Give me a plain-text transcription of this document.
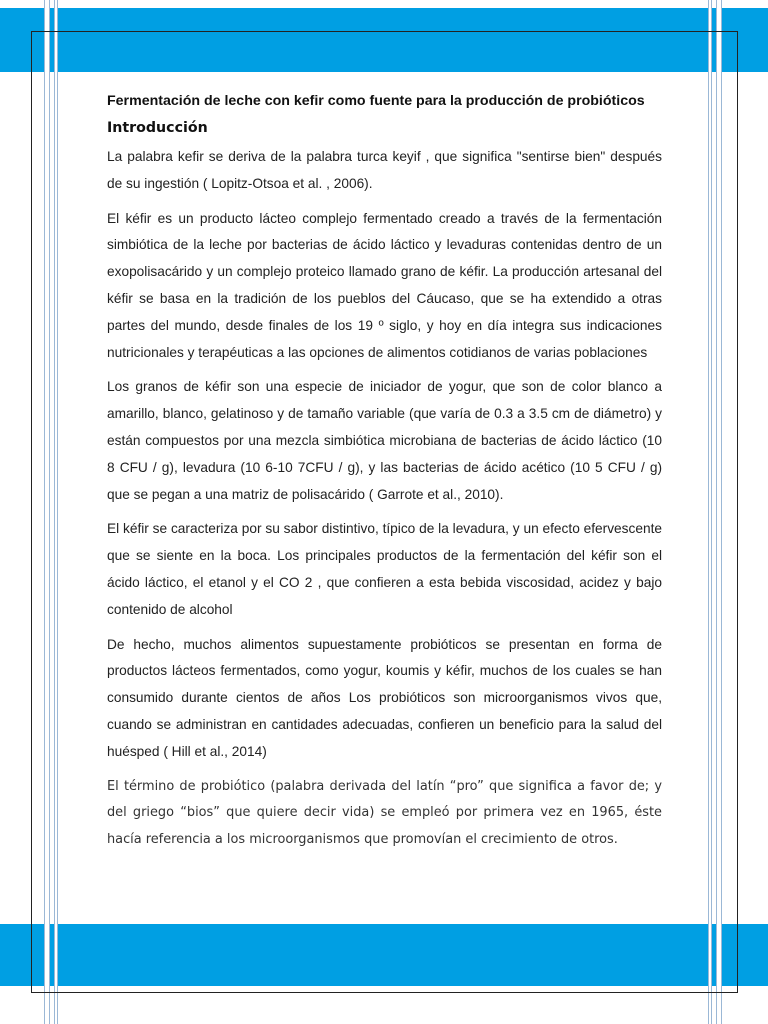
Fermentación de leche con kefir como fuente para la producción de probióticos

Introducción

La palabra kefir se deriva de la palabra turca keyif , que significa "sentirse bien" después de su ingestión ( Lopitz-Otsoa et al. , 2006).

El kéfir es un producto lácteo complejo fermentado creado a través de la fermentación simbiótica de la leche por bacterias de ácido láctico y levaduras contenidas dentro de un exopolisacárido y un complejo proteico llamado grano de kéfir. La producción artesanal del kéfir se basa en la tradición de los pueblos del Cáucaso, que se ha extendido a otras partes del mundo, desde finales de los 19 º siglo, y hoy en día integra sus indicaciones nutricionales y terapéuticas a las opciones de alimentos cotidianos de varias poblaciones

Los granos de kéfir son una especie de iniciador de yogur, que son de color blanco a amarillo, blanco, gelatinoso y de tamaño variable (que varía de 0.3 a 3.5 cm de diámetro) y están compuestos por una mezcla simbiótica microbiana de bacterias de ácido láctico (10 8 CFU / g), levadura (10 6-10 7CFU / g), y las bacterias de ácido acético (10 5 CFU / g) que se pegan a una matriz de polisacárido ( Garrote et al., 2010).

El kéfir se caracteriza por su sabor distintivo, típico de la levadura, y un efecto efervescente que se siente en la boca. Los principales productos de la fermentación del kéfir son el ácido láctico, el etanol y el CO 2 , que confieren a esta bebida viscosidad, acidez y bajo contenido de alcohol

De hecho, muchos alimentos supuestamente probióticos se presentan en forma de productos lácteos fermentados, como yogur, koumis y kéfir, muchos de los cuales se han consumido durante cientos de años Los probióticos son microorganismos vivos que, cuando se administran en cantidades adecuadas, confieren un beneficio para la salud del huésped ( Hill et al., 2014)

El término de probiótico (palabra derivada del latín “pro” que significa a favor de; y del griego “bios” que quiere decir vida) se empleó por primera vez en 1965, éste hacía referencia a los microorganismos que promovían el crecimiento de otros.
